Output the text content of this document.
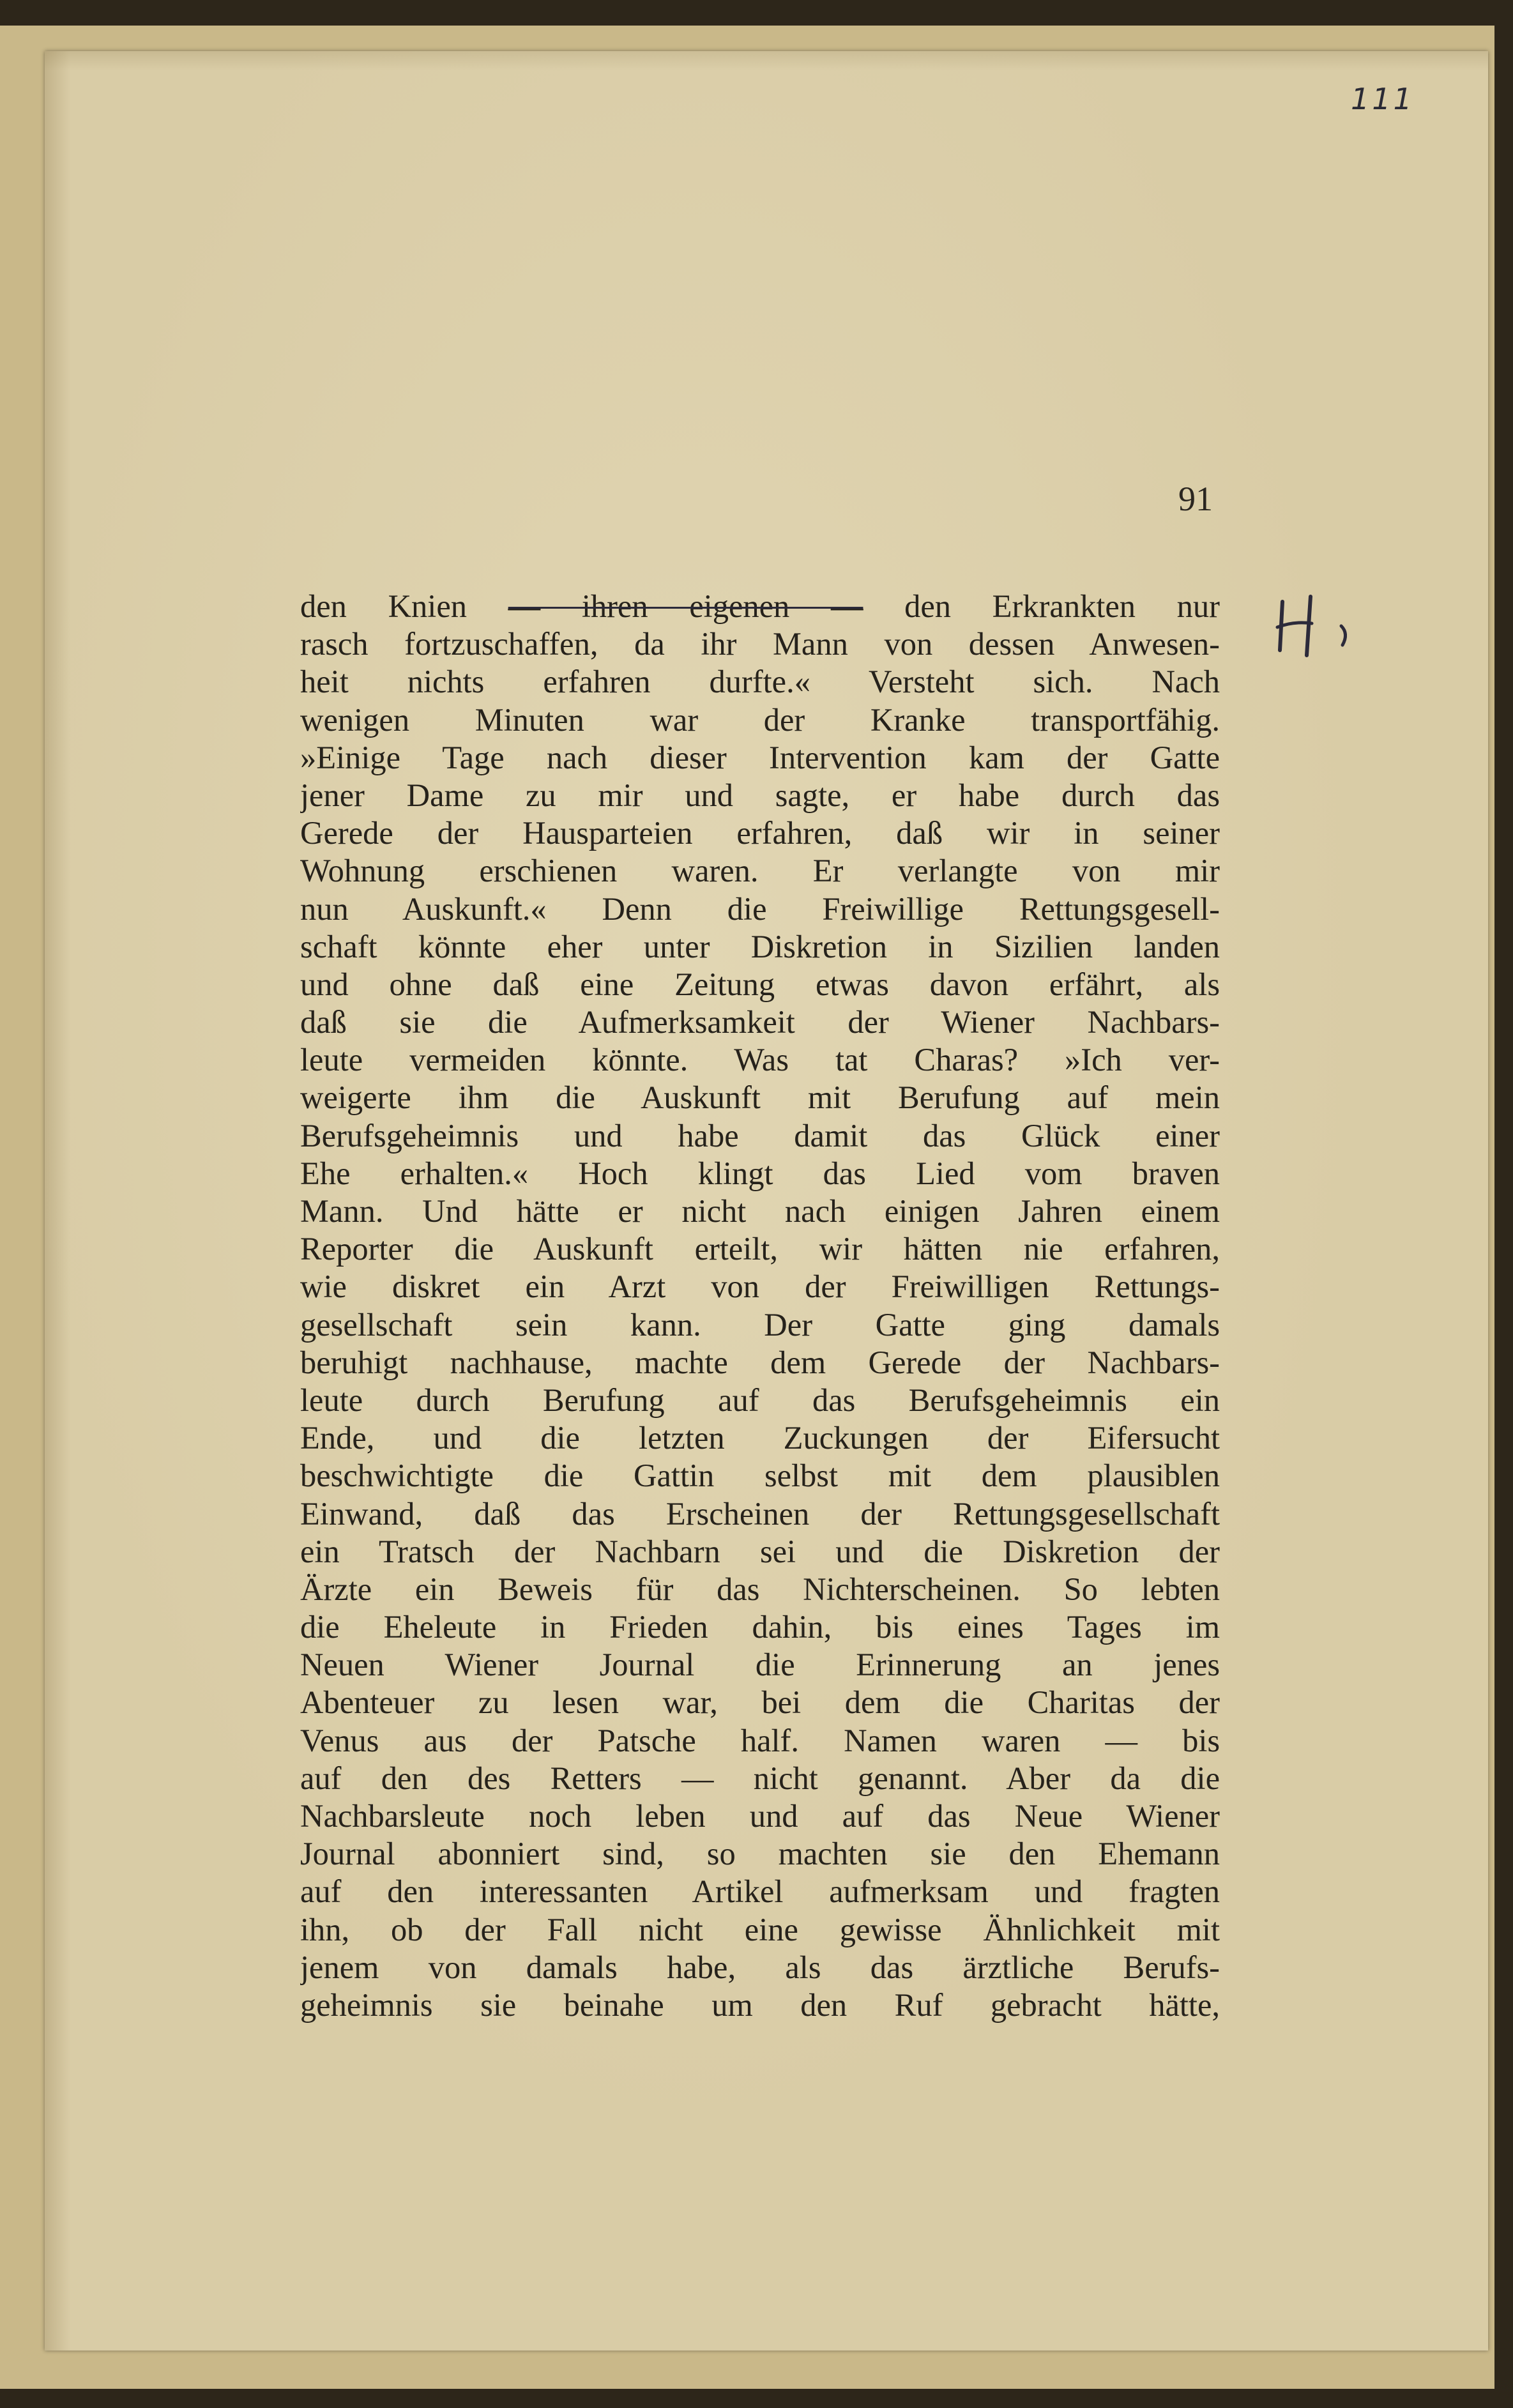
111
91
den Knien — ihren eigenen — den Erkrankten nur
rasch fortzuschaffen, da ihr Mann von dessen Anwesen-
heit nichts erfahren durfte.« Versteht sich. Nach
wenigen Minuten war der Kranke transportfähig.
»Einige Tage nach dieser Intervention kam der Gatte
jener Dame zu mir und sagte, er habe durch das
Gerede der Hausparteien erfahren, daß wir in seiner
Wohnung erschienen waren. Er verlangte von mir
nun Auskunft.« Denn die Freiwillige Rettungsgesell-
schaft könnte eher unter Diskretion in Sizilien landen
und ohne daß eine Zeitung etwas davon erfährt, als
daß sie die Aufmerksamkeit der Wiener Nachbars-
leute vermeiden könnte. Was tat Charas? »Ich ver-
weigerte ihm die Auskunft mit Berufung auf mein
Berufsgeheimnis und habe damit das Glück einer
Ehe erhalten.« Hoch klingt das Lied vom braven
Mann. Und hätte er nicht nach einigen Jahren einem
Reporter die Auskunft erteilt, wir hätten nie erfahren,
wie diskret ein Arzt von der Freiwilligen Rettungs-
gesellschaft sein kann. Der Gatte ging damals
beruhigt nachhause, machte dem Gerede der Nachbars-
leute durch Berufung auf das Berufsgeheimnis ein
Ende, und die letzten Zuckungen der Eifersucht
beschwichtigte die Gattin selbst mit dem plausiblen
Einwand, daß das Erscheinen der Rettungsgesellschaft
ein Tratsch der Nachbarn sei und die Diskretion der
Ärzte ein Beweis für das Nichterscheinen. So lebten
die Eheleute in Frieden dahin, bis eines Tages im
Neuen Wiener Journal die Erinnerung an jenes
Abenteuer zu lesen war, bei dem die Charitas der
Venus aus der Patsche half. Namen waren — bis
auf den des Retters — nicht genannt. Aber da die
Nachbarsleute noch leben und auf das Neue Wiener
Journal abonniert sind, so machten sie den Ehemann
auf den interessanten Artikel aufmerksam und fragten
ihn, ob der Fall nicht eine gewisse Ähnlichkeit mit
jenem von damals habe, als das ärztliche Berufs-
geheimnis sie beinahe um den Ruf gebracht hätte,
